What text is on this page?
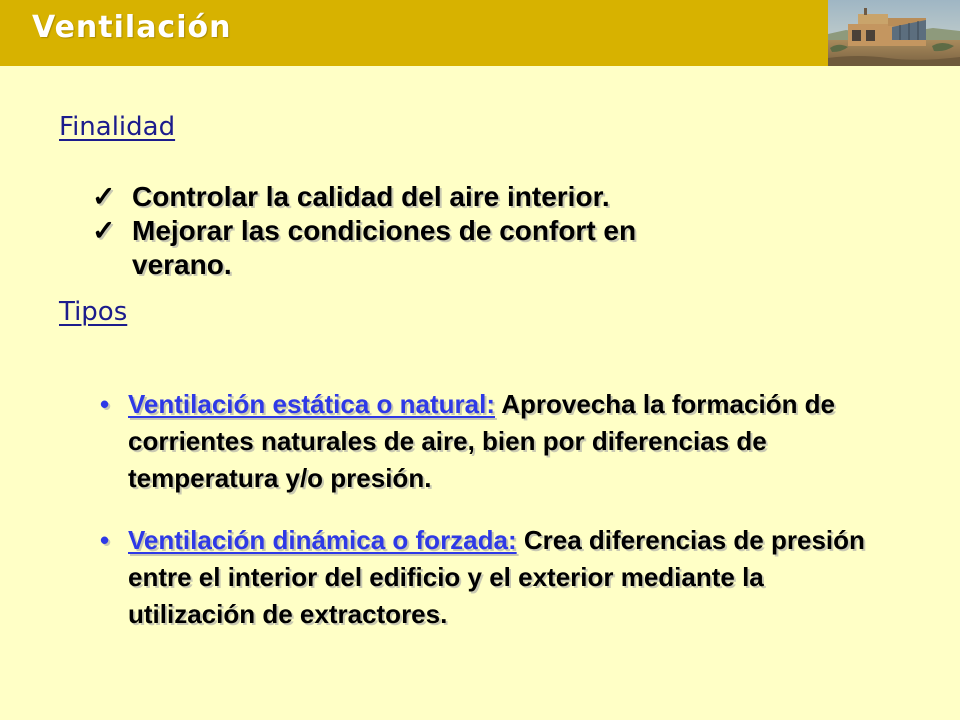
Ventilación
Finalidad
✓ Controlar la calidad del aire interior.
✓ Mejorar las condiciones de confort en verano.
Tipos
• Ventilación estática o natural: Aprovecha la formación de corrientes naturales de aire, bien por diferencias de temperatura y/o presión.
• Ventilación dinámica o forzada: Crea diferencias de presión entre el interior del edificio y el exterior mediante la utilización de extractores.
